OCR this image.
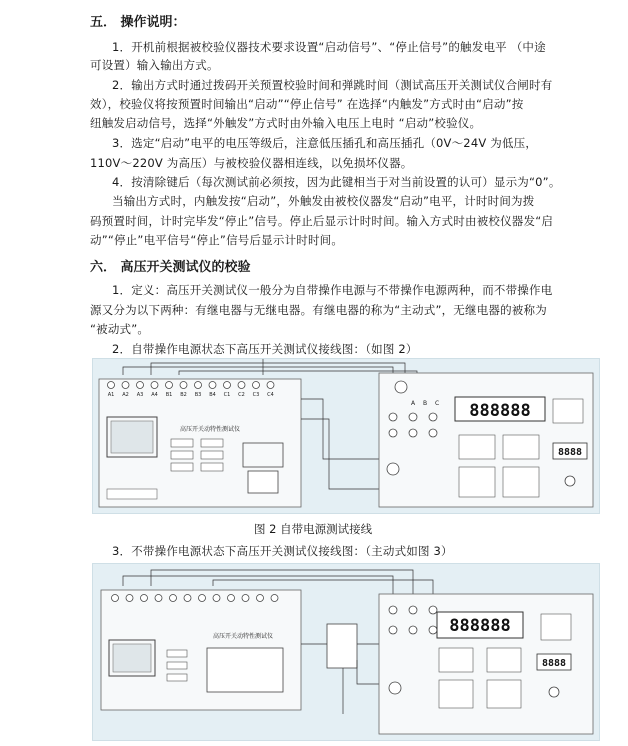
五． 操作说明：
1．开机前根据被校验仪器技术要求设置“启动信号”、“停止信号”的触发电平 （中途
可设置）输入输出方式。
2．输出方式时通过拨码开关预置校验时间和弹跳时间（测试高压开关测试仪合闸时有
效），校验仪将按预置时间输出“启动”“停止信号” 在选择“内触发”方式时由“启动”按
纽触发启动信号，选择“外触发”方式时由外输入电压上电时 “启动”校验仪。
3．选定“启动”电平的电压等级后，注意低压插孔和高压插孔（0V～24V 为低压，
110V～220V 为高压）与被校验仪器相连线，以免损坏仪器。
4．按清除键后（每次测试前必须按，因为此键相当于对当前设置的认可）显示为“0”。
当输出方式时，内触发按“启动”，外触发由被校仪器发“启动”电平，计时时间为拨
码预置时间，计时完毕发“停止”信号。停止后显示计时时间。输入方式时由被校仪器发“启
动”“停止”电平信号“停止”信号后显示计时时间。
六． 高压开关测试仪的校验
1．定义：高压开关测试仪一般分为自带操作电源与不带操作电源两种，而不带操作电
源又分为以下两种：有继电器与无继电器。有继电器的称为“主动式”，无继电器的被称为
“被动式”。
2．自带操作电源状态下高压开关测试仪接线图：（如图 2）
A1 A2 A3 A4 B1 B2 B3 B4 C1 C2 C3 C4
高压开关动特性测试仪
A B C 888888
8888
图 2 自带电源测试接线
3．不带操作电源状态下高压开关测试仪接线图：（主动式如图 3）
高压开关动特性测试仪
888888
8888
